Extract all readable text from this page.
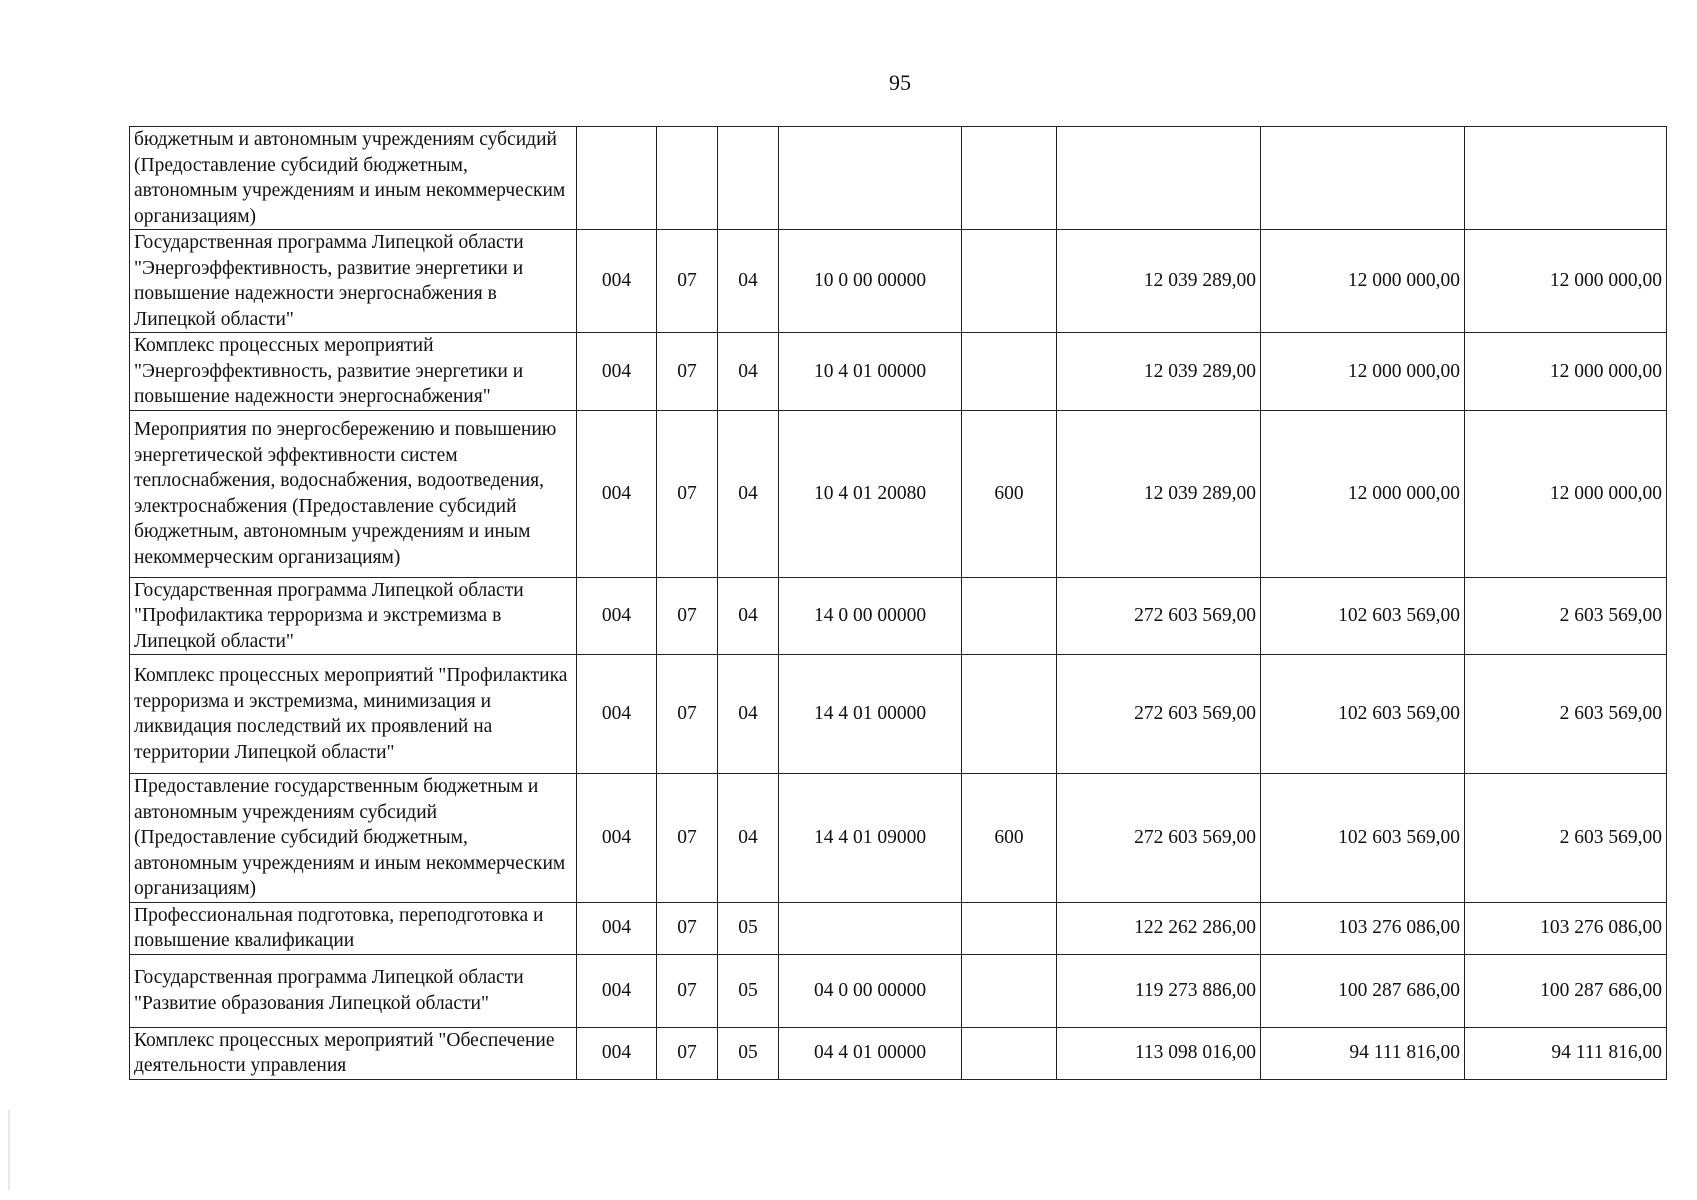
95
бюджетным и автономным учреждениям субсидий (Предоставление субсидий бюджетным, автономным учреждениям и иным некоммерческим организациям)								
Государственная программа Липецкой области "Энергоэффективность, развитие энергетики и повышение надежности энергоснабжения в Липецкой области"	004	07	04	10 0 00 00000		12 039 289,00	12 000 000,00	12 000 000,00
Комплекс процессных мероприятий "Энергоэффективность, развитие энергетики и повышение надежности энергоснабжения"	004	07	04	10 4 01 00000		12 039 289,00	12 000 000,00	12 000 000,00
Мероприятия по энергосбережению и повышению энергетической эффективности систем теплоснабжения, водоснабжения, водоотведения, электроснабжения (Предоставление субсидий бюджетным, автономным учреждениям и иным некоммерческим организациям)	004	07	04	10 4 01 20080	600	12 039 289,00	12 000 000,00	12 000 000,00
Государственная программа Липецкой области "Профилактика терроризма и экстремизма в Липецкой области"	004	07	04	14 0 00 00000		272 603 569,00	102 603 569,00	2 603 569,00
Комплекс процессных мероприятий "Профилактика терроризма и экстремизма, минимизация и ликвидация последствий их проявлений на территории Липецкой области"	004	07	04	14 4 01 00000		272 603 569,00	102 603 569,00	2 603 569,00
Предоставление государственным бюджетным и автономным учреждениям субсидий (Предоставление субсидий бюджетным, автономным учреждениям и иным некоммерческим организациям)	004	07	04	14 4 01 09000	600	272 603 569,00	102 603 569,00	2 603 569,00
Профессиональная подготовка, переподготовка и повышение квалификации	004	07	05			122 262 286,00	103 276 086,00	103 276 086,00
Государственная программа Липецкой области "Развитие образования Липецкой области"	004	07	05	04 0 00 00000		119 273 886,00	100 287 686,00	100 287 686,00
Комплекс процессных мероприятий "Обеспечение деятельности управления	004	07	05	04 4 01 00000		113 098 016,00	94 111 816,00	94 111 816,00
